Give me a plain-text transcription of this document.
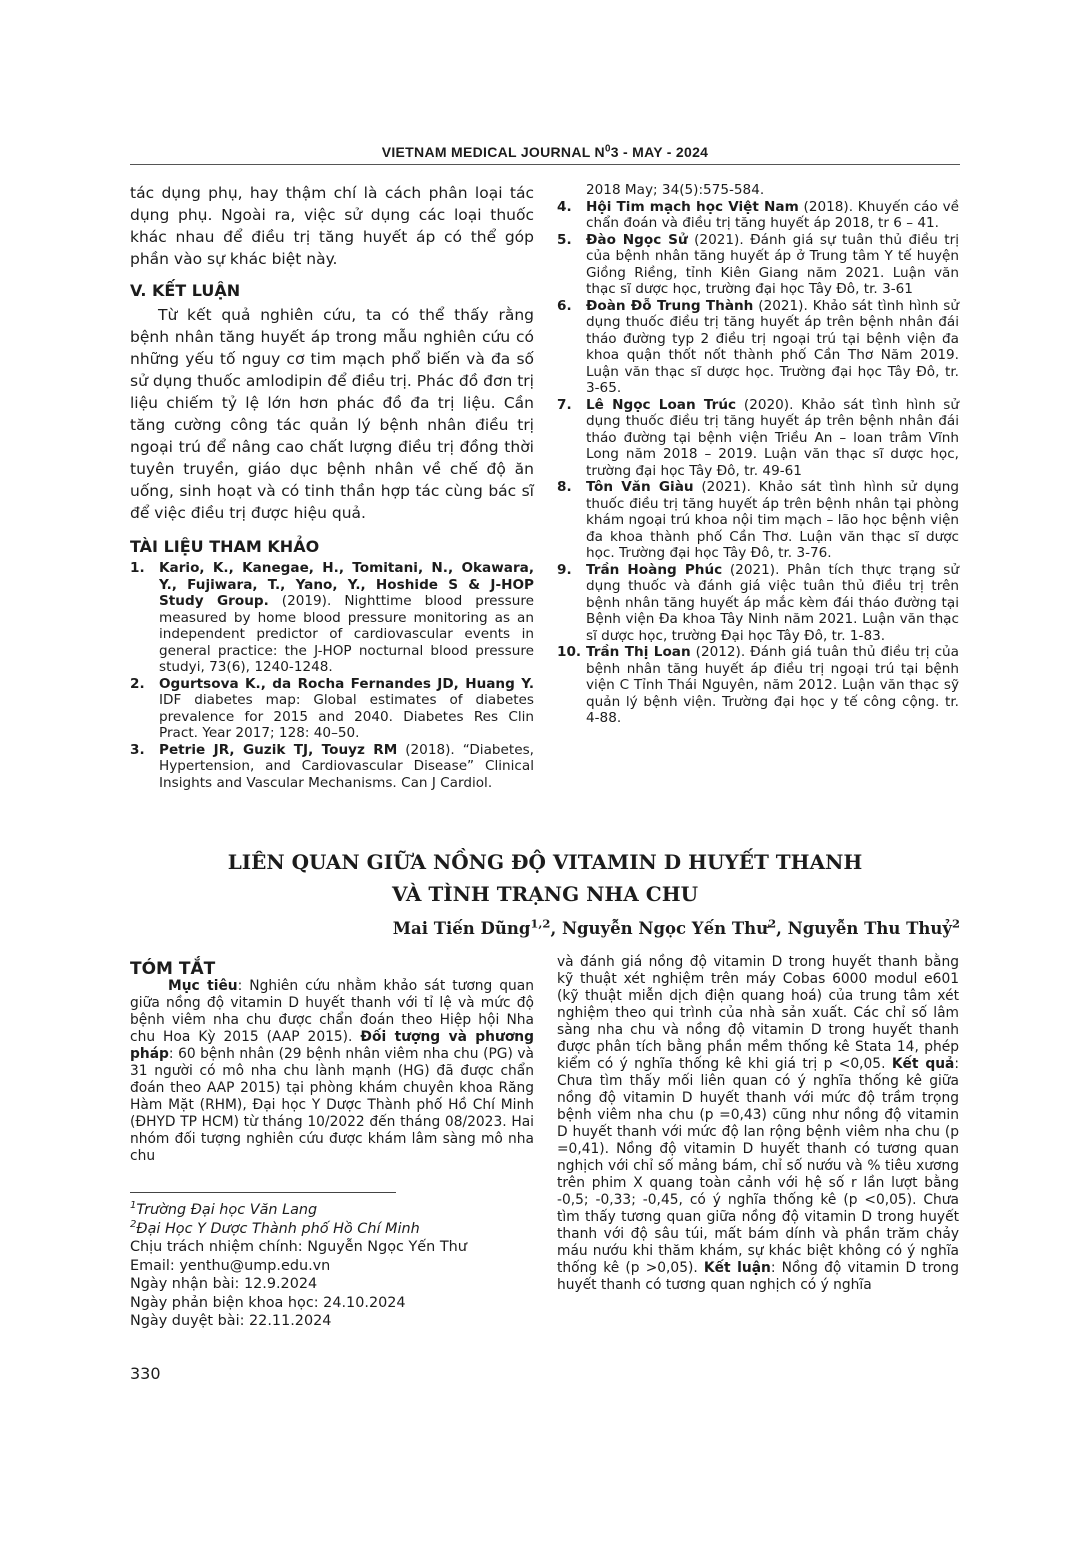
VIETNAM MEDICAL JOURNAL $N^03$ - MAY - 2024

tác dụng phụ, hay thậm chí là cách phân loại tác dụng phụ. Ngoài ra, việc sử dụng các loại thuốc khác nhau để điều trị tăng huyết áp có thể góp phần vào sự khác biệt này.

V. KẾT LUẬN

Từ kết quả nghiên cứu, ta có thể thấy rằng bệnh nhân tăng huyết áp trong mẫu nghiên cứu có những yếu tố nguy cơ tim mạch phổ biến và đa số sử dụng thuốc amlodipin để điều trị. Phác đồ đơn trị liệu chiếm tỷ lệ lớn hơn phác đồ đa trị liệu. Cần tăng cường công tác quản lý bệnh nhân điều trị ngoại trú để nâng cao chất lượng điều trị đồng thời tuyên truyền, giáo dục bệnh nhân về chế độ ăn uống, sinh hoạt và có tinh thần hợp tác cùng bác sĩ để việc điều trị được hiệu quả.

TÀI LIỆU THAM KHẢO
1.	Kario, K., Kanegae, H., Tomitani, N., Okawara, Y., Fujiwara, T., Yano, Y., Hoshide S & J-HOP Study Group. (2019). Nighttime blood pressure measured by home blood pressure monitoring as an independent predictor of cardiovascular events in general practice: the J-HOP nocturnal blood pressure studyi, 73(6), 1240-1248.
2.	Ogurtsova K., da Rocha Fernandes JD, Huang Y. IDF diabetes map: Global estimates of diabetes prevalence for 2015 and 2040. Diabetes Res Clin Pract. Year 2017; 128: 40–50.
3.	Petrie JR, Guzik TJ, Touyz RM (2018). “Diabetes, Hypertension, and Cardiovascular Disease” Clinical Insights and Vascular Mechanisms. Can J Cardiol.
2018 May; 34(5):575-584.
4.	Hội Tim mạch học Việt Nam (2018). Khuyến cáo về chẩn đoán và điều trị tăng huyết áp 2018, tr 6 – 41.
5.	Đào Ngọc Sử (2021). Đánh giá sự tuân thủ điều trị của bệnh nhân tăng huyết áp ở Trung tâm Y tế huyện Giồng Riềng, tỉnh Kiên Giang năm 2021. Luận văn thạc sĩ dược học, trường đại học Tây Đô, tr. 3-61
6.	Đoàn Đỗ Trung Thành (2021). Khảo sát tình hình sử dụng thuốc điều trị tăng huyết áp trên bệnh nhân đái tháo đường typ 2 điều trị ngoại trú tại bệnh viện đa khoa quận thốt nốt thành phố Cần Thơ Năm 2019. Luận văn thạc sĩ dược học. Trường đại học Tây Đô, tr. 3-65.
7.	Lê Ngọc Loan Trúc (2020). Khảo sát tình hình sử dụng thuốc điều trị tăng huyết áp trên bệnh nhân đái tháo đường tại bệnh viện Triều An – loan trâm Vĩnh Long năm 2018 – 2019. Luận văn thạc sĩ dược học, trường đại học Tây Đô, tr. 49-61
8.	Tôn Văn Giàu (2021). Khảo sát tình hình sử dụng thuốc điều trị tăng huyết áp trên bệnh nhân tại phòng khám ngoại trú khoa nội tim mạch – lão học bệnh viện đa khoa thành phố Cần Thơ. Luận văn thạc sĩ dược học. Trường đại học Tây Đô, tr. 3-76.
9.	Trần Hoàng Phúc (2021). Phân tích thực trạng sử dụng thuốc và đánh giá việc tuân thủ điều trị trên bệnh nhân tăng huyết áp mắc kèm đái tháo đường tại Bệnh viện Đa khoa Tây Ninh năm 2021. Luận văn thạc sĩ dược học, trường Đại học Tây Đô, tr. 1-83.
10. Trần Thị Loan (2012). Đánh giá tuân thủ điều trị của bệnh nhân tăng huyết áp điều trị ngoại trú tại bệnh viện C Tỉnh Thái Nguyên, năm 2012. Luận văn thạc sỹ quản lý bệnh viện. Trường đại học y tế công cộng. tr. 4-88.
LIÊN QUAN GIỮA NỒNG ĐỘ VITAMIN D HUYẾT THANH
VÀ TÌNH TRẠNG NHA CHU
Mai Tiến Dũng$^{1,2}$, Nguyễn Ngọc Yến Thư$^2$, Nguyễn Thu Thuỷ$^2$
TÓM TẮT

Mục tiêu: Nghiên cứu nhằm khảo sát tương quan giữa nồng độ vitamin D huyết thanh với tỉ lệ và mức độ bệnh viêm nha chu được chẩn đoán theo Hiệp hội Nha chu Hoa Kỳ 2015 (AAP 2015). Đối tượng và phương pháp: 60 bệnh nhân (29 bệnh nhân viêm nha chu (PG) và 31 người có mô nha chu lành mạnh (HG) đã được chẩn đoán theo AAP 2015) tại phòng khám chuyên khoa Răng Hàm Mặt (RHM), Đại học Y Dược Thành phố Hồ Chí Minh (ĐHYD TP HCM) từ tháng 10/2022 đến tháng 08/2023. Hai nhóm đối tượng nghiên cứu được khám lâm sàng mô nha chu

và đánh giá nồng độ vitamin D trong huyết thanh bằng kỹ thuật xét nghiệm trên máy Cobas 6000 modul e601 (kỹ thuật miễn dịch điện quang hoá) của trung tâm xét nghiệm theo qui trình của nhà sản xuất. Các chỉ số lâm sàng nha chu và nồng độ vitamin D trong huyết thanh được phân tích bằng phần mềm thống kê Stata 14, phép kiểm có ý nghĩa thống kê khi giá trị p <0,05. Kết quả: Chưa tìm thấy mối liên quan có ý nghĩa thống kê giữa nồng độ vitamin D huyết thanh với mức độ trầm trọng bệnh viêm nha chu (p =0,43) cũng như nồng độ vitamin D huyết thanh với mức độ lan rộng bệnh viêm nha chu (p =0,41). Nồng độ vitamin D huyết thanh có tương quan nghịch với chỉ số mảng bám, chỉ số nướu và % tiêu xương trên phim X quang toàn cảnh với hệ số r lần lượt bằng -0,5; -0,33; -0,45, có ý nghĩa thống kê (p <0,05). Chưa tìm thấy tương quan giữa nồng độ vitamin D trong huyết thanh với độ sâu túi, mất bám dính và phần trăm chảy máu nướu khi thăm khám, sự khác biệt không có ý nghĩa thống kê (p >0,05). Kết luận: Nồng độ vitamin D trong huyết thanh có tương quan nghịch có ý nghĩa

$^1$Trường Đại học Văn Lang
$^2$Đại Học Y Dược Thành phố Hồ Chí Minh
Chịu trách nhiệm chính: Nguyễn Ngọc Yến Thư
Email: yenthu@ump.edu.vn
Ngày nhận bài: 12.9.2024
Ngày phản biện khoa học: 24.10.2024
Ngày duyệt bài: 22.11.2024
330
